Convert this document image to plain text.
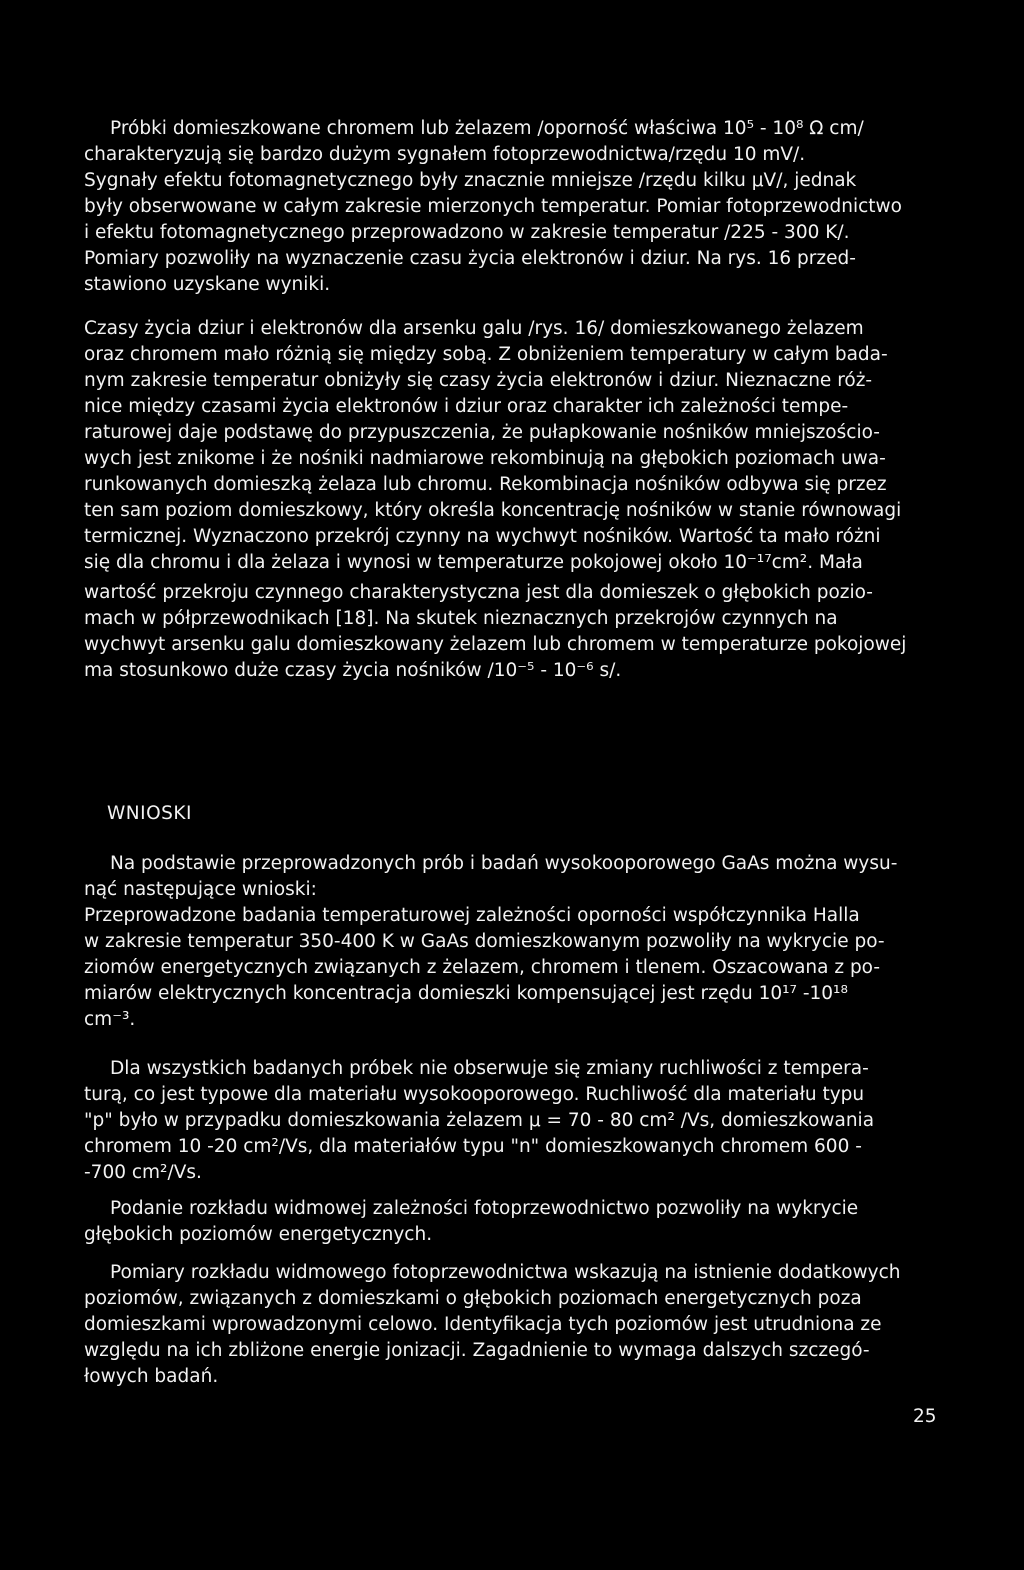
Próbki domieszkowane chromem lub żelazem /oporność właściwa 10⁵ - 10⁸ Ω cm/
charakteryzują się bardzo dużym sygnałem fotoprzewodnictwa/rzędu 10 mV/.
Sygnały efektu fotomagnetycznego były znacznie mniejsze /rzędu kilku μV/, jednak
były obserwowane w całym zakresie mierzonych temperatur. Pomiar fotoprzewodnictwo
i efektu fotomagnetycznego przeprowadzono w zakresie temperatur /225 - 300 K/.
Pomiary pozwoliły na wyznaczenie czasu życia elektronów i dziur. Na rys. 16 przed-
stawiono uzyskane wyniki.
Czasy życia dziur i elektronów dla arsenku galu /rys. 16/ domieszkowanego żelazem
oraz chromem mało różnią się między sobą. Z obniżeniem temperatury w całym bada-
nym zakresie temperatur obniżyły się czasy życia elektronów i dziur. Nieznaczne róż-
nice między czasami życia elektronów i dziur oraz charakter ich zależności tempe-
raturowej daje podstawę do przypuszczenia, że pułapkowanie nośników mniejszościo-
wych jest znikome i że nośniki nadmiarowe rekombinują na głębokich poziomach uwa-
runkowanych domieszką żelaza lub chromu. Rekombinacja nośników odbywa się przez
ten sam poziom domieszkowy, który określa koncentrację nośników w stanie równowagi
termicznej. Wyznaczono przekrój czynny na wychwyt nośników. Wartość ta mało różni
się dla chromu i dla żelaza i wynosi w temperaturze pokojowej około 10⁻¹⁷cm². Mała
wartość przekroju czynnego charakterystyczna jest dla domieszek o głębokich pozio-
mach w półprzewodnikach [18]. Na skutek nieznacznych przekrojów czynnych na
wychwyt arsenku galu domieszkowany żelazem lub chromem w temperaturze pokojowej
ma stosunkowo duże czasy życia nośników /10⁻⁵ - 10⁻⁶ s/.
WNIOSKI
Na podstawie przeprowadzonych prób i badań wysokooporowego GaAs można wysu-
nąć następujące wnioski:
Przeprowadzone badania temperaturowej zależności oporności współczynnika Halla
w zakresie temperatur 350-400 K w GaAs domieszkowanym pozwoliły na wykrycie po-
ziomów energetycznych związanych z żelazem, chromem i tlenem. Oszacowana z po-
miarów elektrycznych koncentracja domieszki kompensującej jest rzędu 10¹⁷ -10¹⁸
cm⁻³.
Dla wszystkich badanych próbek nie obserwuje się zmiany ruchliwości z tempera-
turą, co jest typowe dla materiału wysokooporowego. Ruchliwość dla materiału typu
"p" było w przypadku domieszkowania żelazem μ = 70 - 80 cm² /Vs, domieszkowania
chromem 10 -20 cm²/Vs, dla materiałów typu "n" domieszkowanych chromem 600 -
-700 cm²/Vs.
Podanie rozkładu widmowej zależności fotoprzewodnictwo pozwoliły na wykrycie
głębokich poziomów energetycznych.
Pomiary rozkładu widmowego fotoprzewodnictwa wskazują na istnienie dodatkowych
poziomów, związanych z domieszkami o głębokich poziomach energetycznych poza
domieszkami wprowadzonymi celowo. Identyfikacja tych poziomów jest utrudniona ze
względu na ich zbliżone energie jonizacji. Zagadnienie to wymaga dalszych szczegó-
łowych badań.
25
